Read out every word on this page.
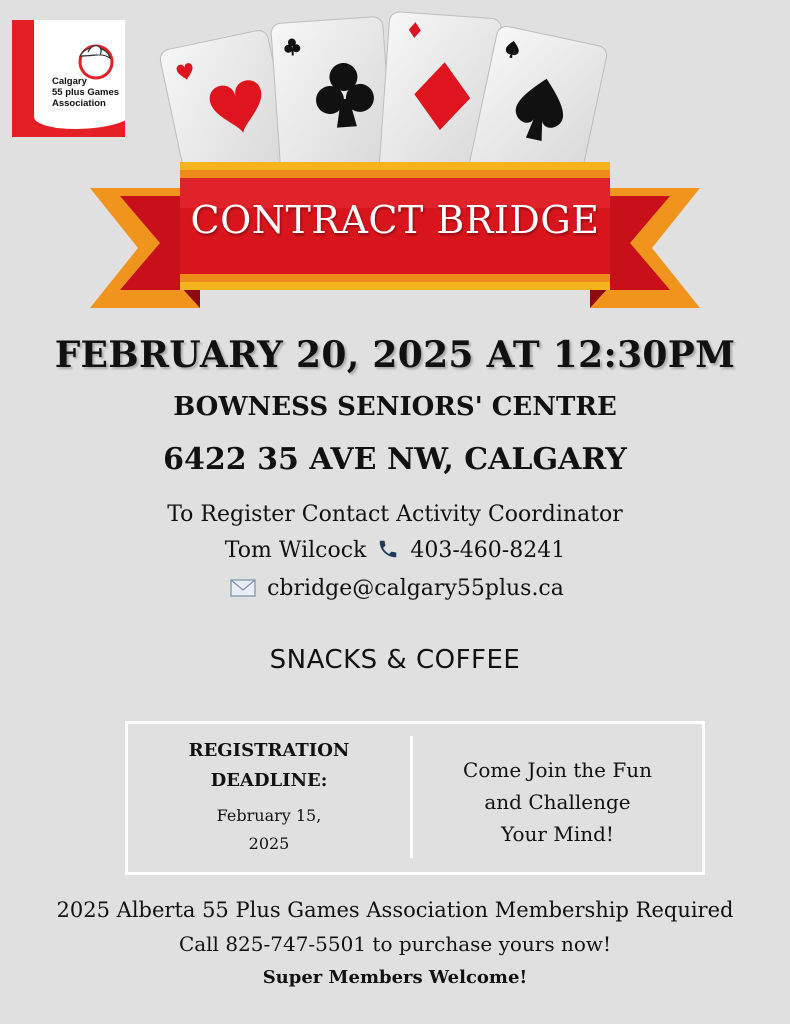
Calgary
55 plus Games
Association
CONTRACT BRIDGE
FEBRUARY 20, 2025 AT 12:30PM
BOWNESS SENIORS' CENTRE
6422 35 AVE NW, CALGARY
To Register Contact Activity Coordinator
Tom Wilcock 403-460-8241
cbridge@calgary55plus.ca
SNACKS & COFFEE
REGISTRATION
DEADLINE:
February 15,
2025
Come Join the Fun
and Challenge
Your Mind!
2025 Alberta 55 Plus Games Association Membership Required
Call 825-747-5501 to purchase yours now!
Super Members Welcome!
